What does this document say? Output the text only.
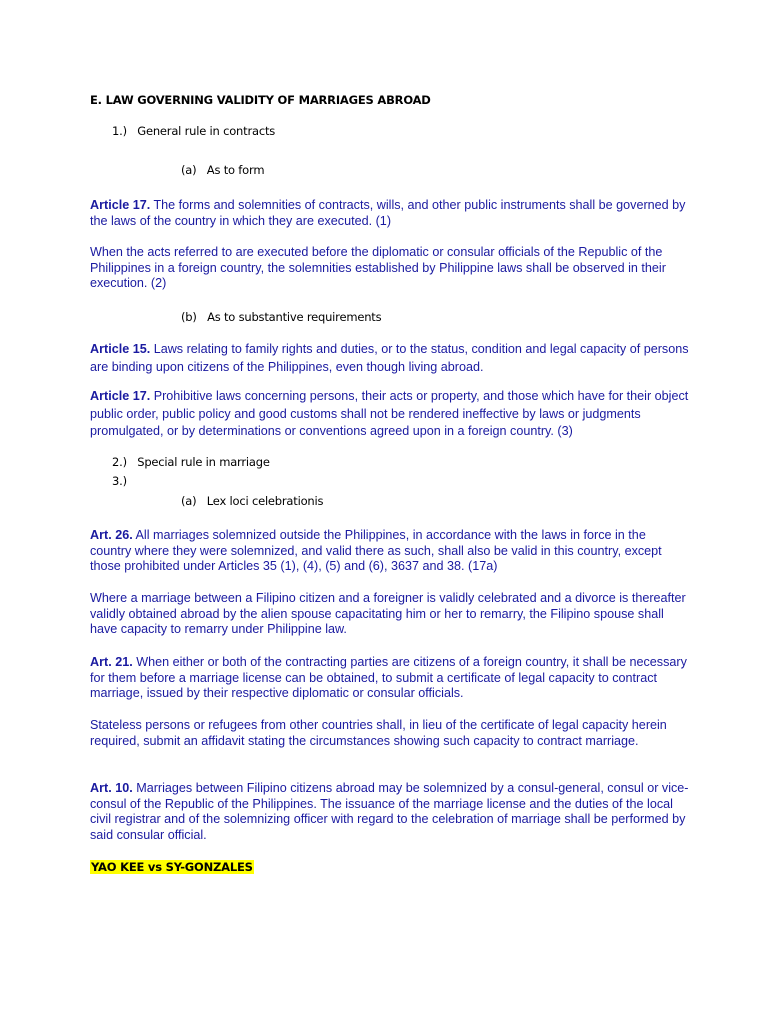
E. LAW GOVERNING VALIDITY OF MARRIAGES ABROAD
1.) General rule in contracts
(a) As to form
Article 17. The forms and solemnities of contracts, wills, and other public instruments shall be governed by the laws of the country in which they are executed. (1)
When the acts referred to are executed before the diplomatic or consular officials of the Republic of the Philippines in a foreign country, the solemnities established by Philippine laws shall be observed in their execution. (2)
(b) As to substantive requirements
Article 15. Laws relating to family rights and duties, or to the status, condition and legal capacity of persons are binding upon citizens of the Philippines, even though living abroad.
Article 17. Prohibitive laws concerning persons, their acts or property, and those which have for their object public order, public policy and good customs shall not be rendered ineffective by laws or judgments promulgated, or by determinations or conventions agreed upon in a foreign country. (3)
2.) Special rule in marriage
3.)
(a) Lex loci celebrationis
Art. 26. All marriages solemnized outside the Philippines, in accordance with the laws in force in the country where they were solemnized, and valid there as such, shall also be valid in this country, except those prohibited under Articles 35 (1), (4), (5) and (6), 3637 and 38. (17a)
Where a marriage between a Filipino citizen and a foreigner is validly celebrated and a divorce is thereafter validly obtained abroad by the alien spouse capacitating him or her to remarry, the Filipino spouse shall have capacity to remarry under Philippine law.
Art. 21. When either or both of the contracting parties are citizens of a foreign country, it shall be necessary for them before a marriage license can be obtained, to submit a certificate of legal capacity to contract marriage, issued by their respective diplomatic or consular officials.
Stateless persons or refugees from other countries shall, in lieu of the certificate of legal capacity herein required, submit an affidavit stating the circumstances showing such capacity to contract marriage.
Art. 10. Marriages between Filipino citizens abroad may be solemnized by a consul-general, consul or vice-consul of the Republic of the Philippines. The issuance of the marriage license and the duties of the local civil registrar and of the solemnizing officer with regard to the celebration of marriage shall be performed by said consular official.
YAO KEE vs SY-GONZALES
